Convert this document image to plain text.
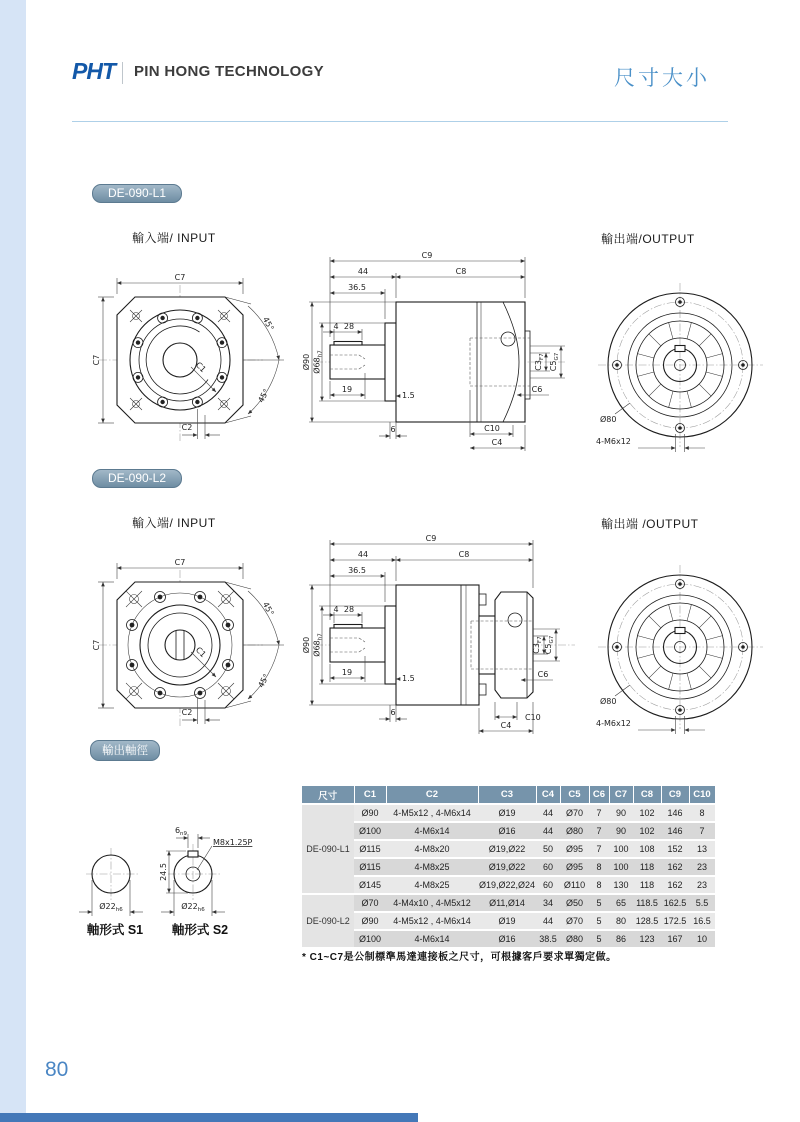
PHT PIN HONG TECHNOLOGY	尺寸大小
DE-090-L1
輸入端/ INPUT	輸出端/OUTPUT
C7
C7
C2
C1
45°
45°
C9
44	C8
36.5
4 28
Ø90 $Ø68_{h7}$
19
1.5
6	C10
C4
C6
$C3_{F7}$
$C5_{G7}$
Ø80
4-M6x12
DE-090-L2
輸入端/ INPUT	輸出端 /OUTPUT
C7
C7
C2
C1
45°
45°
C9
44	C8
36.5
4 28
Ø90 $Ø68_{h7}$
19
1.5
6
C10
C4
C6
$C3_{F7}$
$C5_{G7}$
Ø80
4-M6x12
輸出軸徑
$Ø22_{h6}$
$6_{n9}$
M8x1.25P
24.5
$Ø22_{h6}$
軸形式 S1	軸形式 S2
尺寸	C1	C2	C3	C4	C5	C6	C7	C8	C9	C10
DE-090-L1	Ø90	4-M5x12 , 4-M6x14	Ø19	44	Ø70	7	90	102	146	8
	Ø100	4-M6x14	Ø16	44	Ø80	7	90	102	146	7
	Ø115	4-M8x20	Ø19,Ø22	50	Ø95	7	100	108	152	13
	Ø115	4-M8x25	Ø19,Ø22	60	Ø95	8	100	118	162	23
	Ø145	4-M8x25	Ø19,Ø22,Ø24	60	Ø110	8	130	118	162	23
DE-090-L2	Ø70	4-M4x10 , 4-M5x12	Ø11,Ø14	34	Ø50	5	65	118.5	162.5	5.5
	Ø90	4-M5x12 , 4-M6x14	Ø19	44	Ø70	5	80	128.5	172.5	16.5
	Ø100	4-M6x14	Ø16	38.5	Ø80	5	86	123	167	10
* C1~C7是公制標準馬達連接板之尺寸，可根據客戶要求單獨定做。
80
